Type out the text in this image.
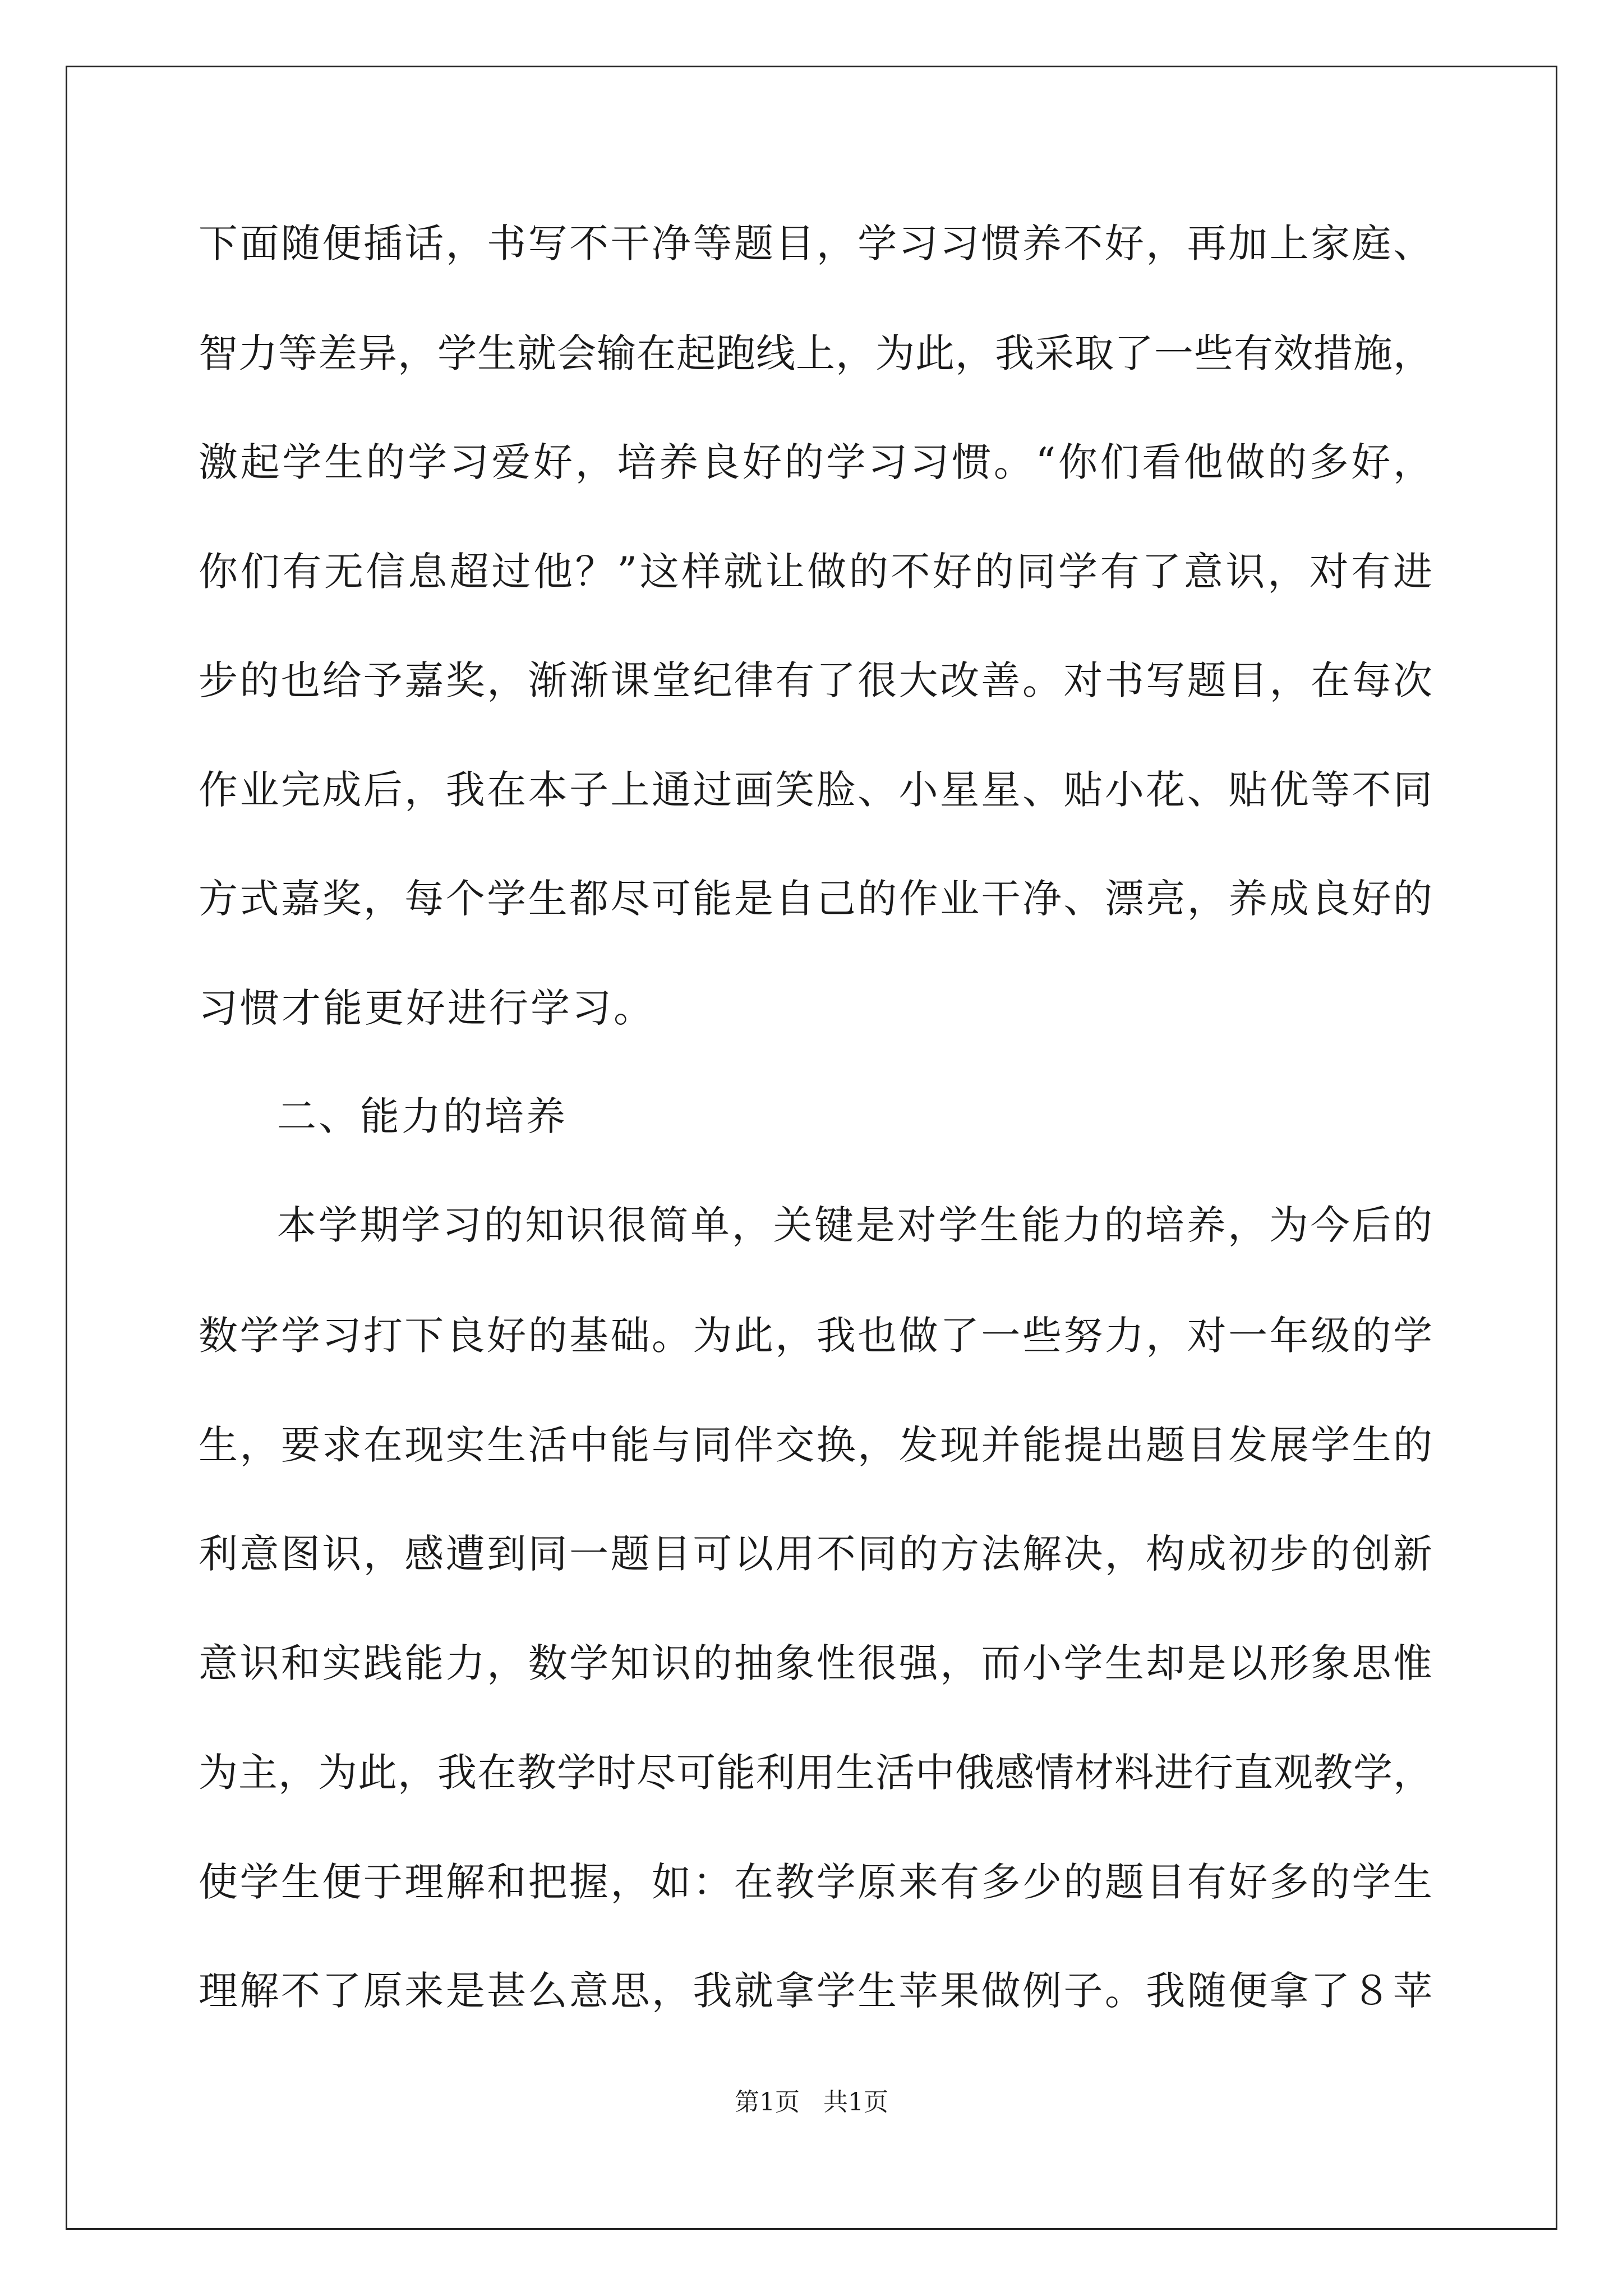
下面随便插话，书写不干净等题目，学习习惯养不好，再加上家庭、
智力等差异，学生就会输在起跑线上，为此，我采取了一些有效措施，
激起学生的学习爱好，培养良好的学习习惯。“你们看他做的多好，
你们有无信息超过他？”这样就让做的不好的同学有了意识，对有进
步的也给予嘉奖，渐渐课堂纪律有了很大改善。对书写题目，在每次
作业完成后，我在本子上通过画笑脸、小星星、贴小花、贴优等不同
方式嘉奖，每个学生都尽可能是自己的作业干净、漂亮，养成良好的
习惯才能更好进行学习。
二、能力的培养
本学期学习的知识很简单，关键是对学生能力的培养，为今后的
数学学习打下良好的基础。为此，我也做了一些努力，对一年级的学
生，要求在现实生活中能与同伴交换，发现并能提出题目发展学生的
利意图识，感遭到同一题目可以用不同的方法解决，构成初步的创新
意识和实践能力，数学知识的抽象性很强，而小学生却是以形象思惟
为主，为此，我在教学时尽可能利用生活中俄感情材料进行直观教学，
使学生便于理解和把握，如：在教学原来有多少的题目有好多的学生
理解不了原来是甚么意思，我就拿学生苹果做例子。我随便拿了８苹
第1页 共1页
